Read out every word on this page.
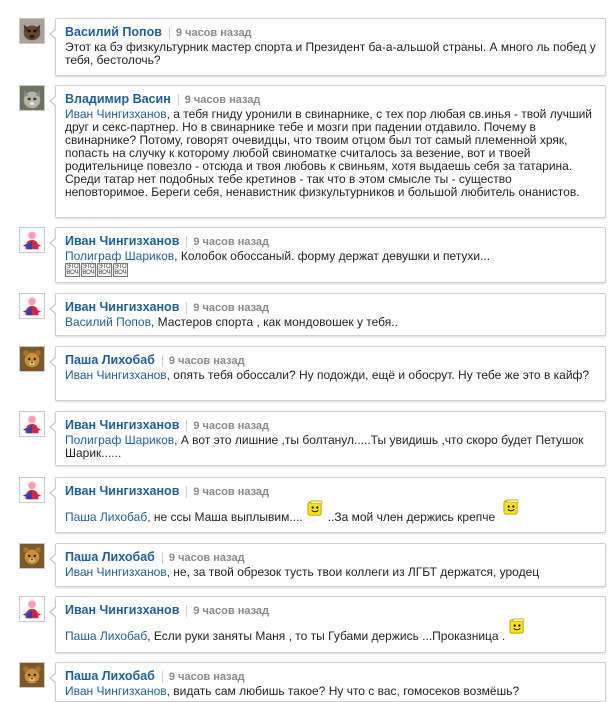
Василий Попов 9 часов назад
Этот ка бэ физкультурник мастер спорта и Президент ба-а-альшой страны. А много ль побед у тебя, бестолочь?
Владимир Васин 9 часов назад
Иван Чингизханов, а тебя гниду уронили в свинарнике, с тех пор любая св.инья - твой лучший друг и секс-партнер. Но в свинарнике тебе и мозги при падении отдавило. Почему в свинарнике? Потому, говорят очевидцы, что твоим отцом был тот самый племенной хряк, попасть на случку к которому любой свиноматке считалось за везение, вот и твоей родительнице повезло - отсюда и твоя любовь к свиньям, хотя выдаешь себя за татарина. Среди татар нет подобных тебе кретинов - так что в этом смысле ты - существо неповторимое. Береги себя, ненавистник физкультурников и большой любитель онанистов.
Иван Чингизханов 9 часов назад
Полиграф Шариков, Колобок обоссаный. форму держат девушки и петухи...ЭТО ВОЧЭТО ВОЧЭТО ВОЧЭТО ВОЧ
Иван Чингизханов 9 часов назад
Василий Попов, Мастеров спорта , как мондовошек у тебя..
Паша Лихобаб 9 часов назад
Иван Чингизханов, опять тебя обоссали? Ну подожди, ещё и обосрут. Ну тебе же это в кайф?
Иван Чингизханов 9 часов назад
Полиграф Шариков, А вот это лишние ,ты болтанул.....Ты увидишь ,что скоро будет Петушок Шарик......
Иван Чингизханов 9 часов назад
Паша Лихобаб, не ссы Маша выплывим.... ..За мой член держись крепче
Паша Лихобаб 9 часов назад
Иван Чингизханов, не, за твой обрезок тусть твои коллеги из ЛГБТ держатся, уродец
Иван Чингизханов 9 часов назад
Паша Лихобаб, Если руки заняты Маня , то ты Губами держись ...Проказница .
Паша Лихобаб 9 часов назад
Иван Чингизханов, видать сам любишь такое? Ну что с вас, гомосеков возмёшь?
